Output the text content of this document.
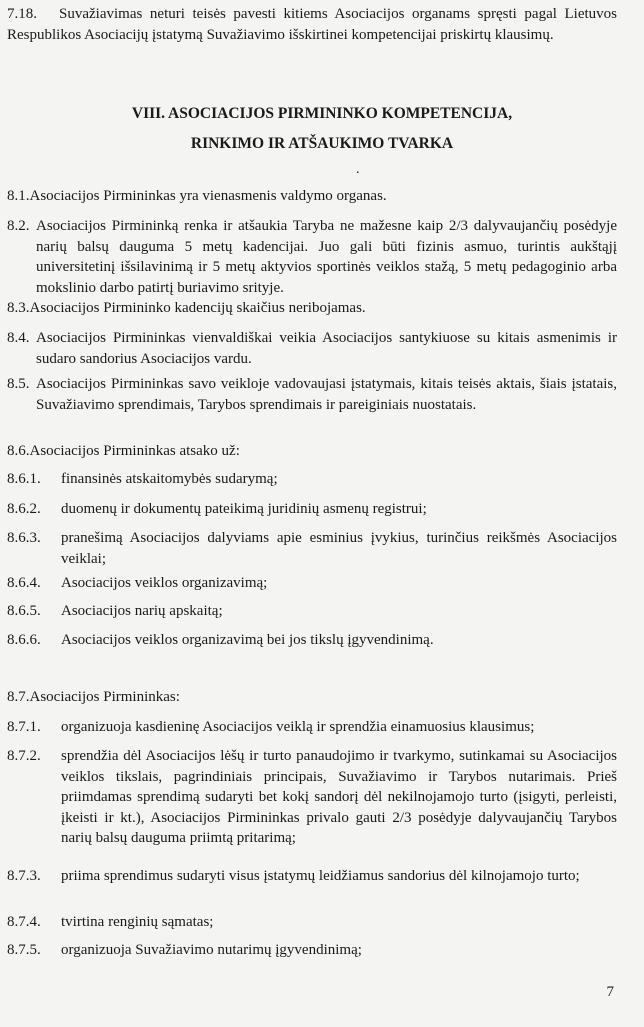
7.18.	Suvažiavimas neturi teisės pavesti kitiems Asociacijos organams spręsti pagal Lietuvos Respublikos Asociacijų įstatymą Suvažiavimo išskirtinei kompetencijai priskirtų klausimų.
VIII. ASOCIACIJOS PIRMININKO KOMPETENCIJA,
RINKIMO IR ATŠAUKIMO TVARKA
.
8.1.Asociacijos Pirmininkas yra vienasmenis valdymo organas.
8.2. Asociacijos Pirmininką renka ir atšaukia Taryba ne mažesne kaip 2/3 dalyvaujančių posėdyje narių balsų dauguma 5 metų kadencijai. Juo gali būti fizinis asmuo, turintis aukštąjį universitetinį išsilavinimą ir 5 metų aktyvios sportinės veiklos stažą, 5 metų pedagoginio arba mokslinio darbo patirtį buriavimo srityje.
8.3.Asociacijos Pirmininko kadencijų skaičius neribojamas.
8.4. Asociacijos Pirmininkas vienvaldiškai veikia Asociacijos santykiuose su kitais asmenimis ir sudaro sandorius Asociacijos vardu.
8.5. Asociacijos Pirmininkas savo veikloje vadovaujasi įstatymais, kitais teisės aktais, šiais įstatais, Suvažiavimo sprendimais, Tarybos sprendimais ir pareiginiais nuostatais.
8.6.Asociacijos Pirmininkas atsako už:
8.6.1. finansinės atskaitomybės sudarymą;
8.6.2. duomenų ir dokumentų pateikimą juridinių asmenų registrui;
8.6.3. pranešimą Asociacijos dalyviams apie esminius įvykius, turinčius reikšmės Asociacijos veiklai;
8.6.4. Asociacijos veiklos organizavimą;
8.6.5. Asociacijos narių apskaitą;
8.6.6. Asociacijos veiklos organizavimą bei jos tikslų įgyvendinimą.
8.7.Asociacijos Pirmininkas:
8.7.1. organizuoja kasdieninę Asociacijos veiklą ir sprendžia einamuosius klausimus;
8.7.2. sprendžia dėl Asociacijos lėšų ir turto panaudojimo ir tvarkymo, sutinkamai su Asociacijos veiklos tikslais, pagrindiniais principais, Suvažiavimo ir Tarybos nutarimais. Prieš priimdamas sprendimą sudaryti bet kokį sandorį dėl nekilnojamojo turto (įsigyti, perleisti, įkeisti ir kt.), Asociacijos Pirmininkas privalo gauti 2/3 posėdyje dalyvaujančių Tarybos narių balsų dauguma priimtą pritarimą;
8.7.3. priima sprendimus sudaryti visus įstatymų leidžiamus sandorius dėl kilnojamojo turto;
8.7.4. tvirtina renginių sąmatas;
8.7.5. organizuoja Suvažiavimo nutarimų įgyvendinimą;
7
